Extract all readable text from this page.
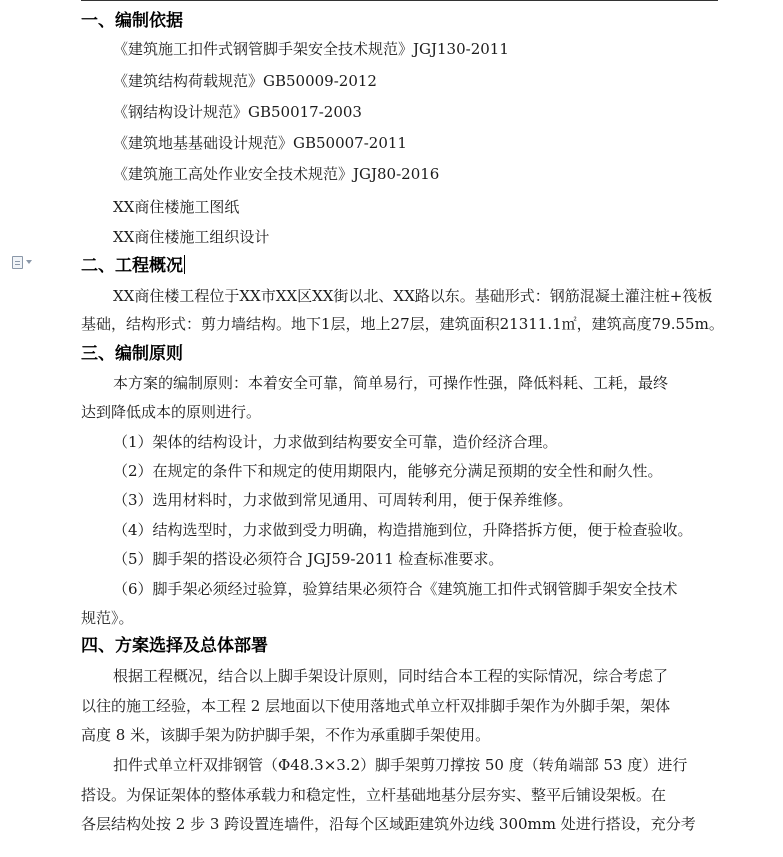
一、编制依据
《建筑施工扣件式钢管脚手架安全技术规范》JGJ130-2011
《建筑结构荷载规范》GB50009-2012
《钢结构设计规范》GB50017-2003
《建筑地基基础设计规范》GB50007-2011
《建筑施工高处作业安全技术规范》JGJ80-2016
XX商住楼施工图纸
XX商住楼施工组织设计
二、工程概况
XX商住楼工程位于XX市XX区XX街以北、XX路以东。基础形式：钢筋混凝土灌注桩+筏板
基础，结构形式：剪力墙结构。地下1层，地上27层，建筑面积21311.1㎡，建筑高度79.55m。
三、编制原则
本方案的编制原则：本着安全可靠，简单易行，可操作性强，降低料耗、工耗，最终
达到降低成本的原则进行。
（1）架体的结构设计，力求做到结构要安全可靠，造价经济合理。
（2）在规定的条件下和规定的使用期限内，能够充分满足预期的安全性和耐久性。
（3）选用材料时，力求做到常见通用、可周转利用，便于保养维修。
（4）结构选型时，力求做到受力明确，构造措施到位，升降搭拆方便，便于检查验收。
（5）脚手架的搭设必须符合 JGJ59-2011 检查标准要求。
（6）脚手架必须经过验算，验算结果必须符合《建筑施工扣件式钢管脚手架安全技术
规范》。
四、方案选择及总体部署
根据工程概况，结合以上脚手架设计原则，同时结合本工程的实际情况，综合考虑了
以往的施工经验，本工程 2 层地面以下使用落地式单立杆双排脚手架作为外脚手架，架体
高度 8 米，该脚手架为防护脚手架，不作为承重脚手架使用。
扣件式单立杆双排钢管（Φ48.3×3.2）脚手架剪刀撑按 50 度（转角端部 53 度）进行
搭设。为保证架体的整体承载力和稳定性，立杆基础地基分层夯实、整平后铺设架板。在
各层结构处按 2 步 3 跨设置连墙件，沿每个区域距建筑外边线 300mm 处进行搭设，充分考
